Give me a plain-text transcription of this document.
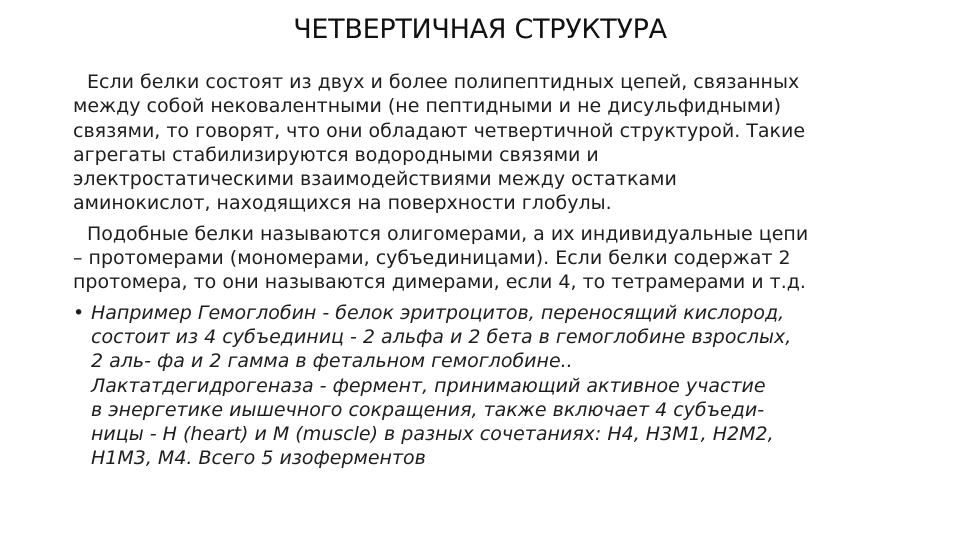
ЧЕТВЕРТИЧНАЯ СТРУКТУРА

Если белки состоят из двух и более полипептидных цепей, связанных
между собой нековалентными (не пептидными и не дисульфидными)
связями, то говорят, что они обладают четвертичной структурой. Такие
агрегаты стабилизируются водородными связями и
электростатическими взаимодействиями между остатками
аминокислот, находящихся на поверхности глобулы.

Подобные белки называются олигомерами, а их индивидуальные цепи
– протомерами (мономерами, субъединицами). Если белки содержат 2
протомера, то они называются димерами, если 4, то тетрамерами и т.д.

• Например Гемоглобин - белок эритроцитов, переносящий кислород,
состоит из 4 субъединиц - 2 альфа и 2 бета в гемоглобине взрослых,
2 аль- фа и 2 гамма в фетальном гемоглобине..
Лактатдегидрогеназа - фермент, принимающий активное участие
в энергетике иышечного сокращения, также включает 4 субъеди-
ницы - Н (heart) и М (muscle) в разных сочетаниях: Н4, Н3М1, Н2М2,
Н1М3, М4. Всего 5 изоферментов
